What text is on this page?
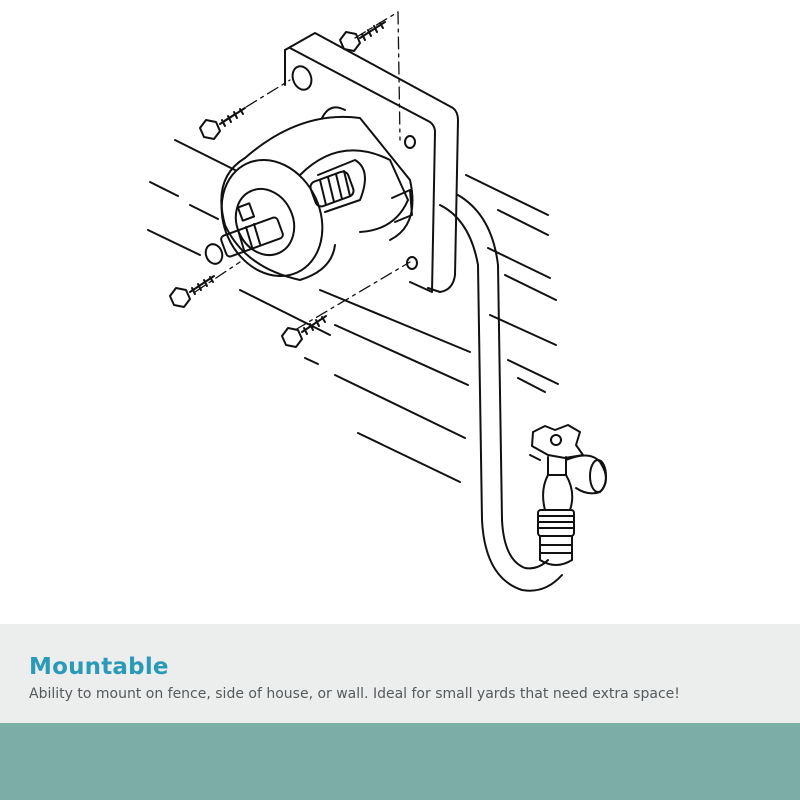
Mountable

Ability to mount on fence, side of house, or wall. Ideal for small yards that need extra space!
